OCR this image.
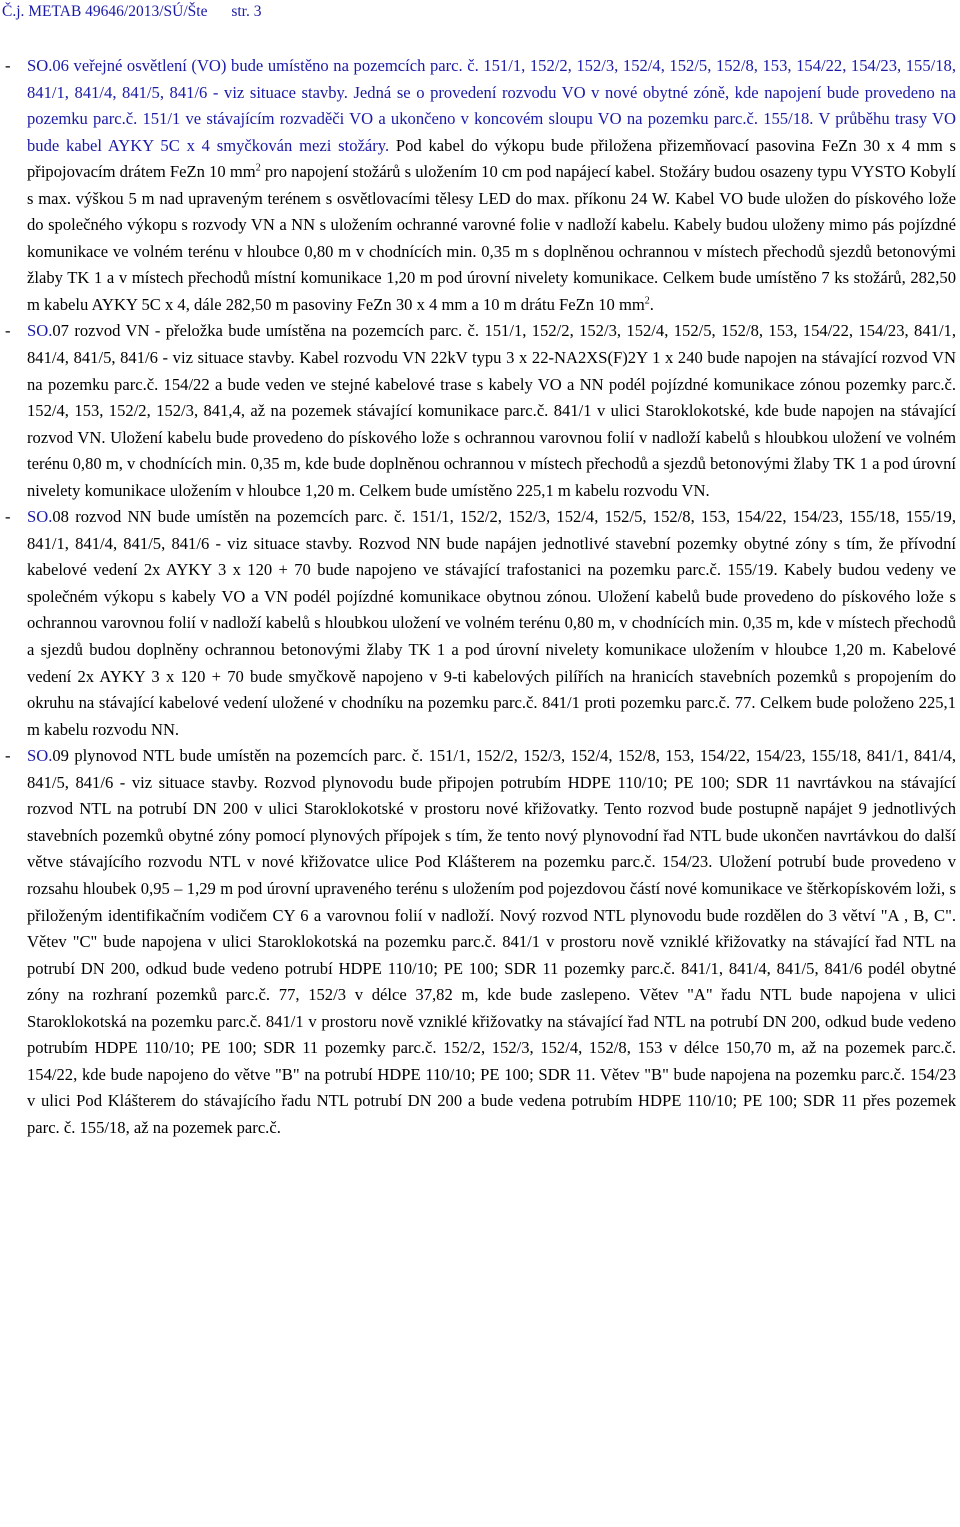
Č.j. METAB 49646/2013/SÚ/Šte str. 3
- SO.06 veřejné osvětlení (VO) bude umístěno na pozemcích parc. č. 151/1, 152/2, 152/3, 152/4, 152/5, 152/8, 153, 154/22, 154/23, 155/18, 841/1, 841/4, 841/5, 841/6 - viz situace stavby. Jedná se o provedení rozvodu VO v nové obytné zóně, kde napojení bude provedeno na pozemku parc.č. 151/1 ve stávajícím rozvaděči VO a ukončeno v koncovém sloupu VO na pozemku parc.č. 155/18. V průběhu trasy VO bude kabel AYKY 5C x 4 smyčkován mezi stožáry. Pod kabel do výkopu bude přiložena přizemňovací pasovina FeZn 30 x 4 mm s připojovacím drátem FeZn 10 $mm^2$ pro napojení stožárů s uložením 10 cm pod napájecí kabel. Stožáry budou osazeny typu VYSTO Kobylí s max. výškou 5 m nad upraveným terénem s osvětlovacími tělesy LED do max. příkonu 24 W. Kabel VO bude uložen do pískového lože do společného výkopu s rozvody VN a NN s uložením ochranné varovné folie v nadloží kabelu. Kabely budou uloženy mimo pás pojízdné komunikace ve volném terénu v hloubce 0,80 m v chodnících min. 0,35 m s doplněnou ochrannou v místech přechodů sjezdů betonovými žlaby TK 1 a v místech přechodů místní komunikace 1,20 m pod úrovní nivelety komunikace. Celkem bude umístěno 7 ks stožárů, 282,50 m kabelu AYKY 5C x 4, dále 282,50 m pasoviny FeZn 30 x 4 mm a 10 m drátu FeZn 10 $mm^2$.

- SO.07 rozvod VN - přeložka bude umístěna na pozemcích parc. č. 151/1, 152/2, 152/3, 152/4, 152/5, 152/8, 153, 154/22, 154/23, 841/1, 841/4, 841/5, 841/6 - viz situace stavby. Kabel rozvodu VN 22kV typu 3 x 22-NA2XS(F)2Y 1 x 240 bude napojen na stávající rozvod VN na pozemku parc.č. 154/22 a bude veden ve stejné kabelové trase s kabely VO a NN podél pojízdné komunikace zónou pozemky parc.č. 152/4, 153, 152/2, 152/3, 841,4, až na pozemek stávající komunikace parc.č. 841/1 v ulici Staroklokotské, kde bude napojen na stávající rozvod VN. Uložení kabelu bude provedeno do pískového lože s ochrannou varovnou folií v nadloží kabelů s hloubkou uložení ve volném terénu 0,80 m, v chodnících min. 0,35 m, kde bude doplněnou ochrannou v místech přechodů a sjezdů betonovými žlaby TK 1 a pod úrovní nivelety komunikace uložením v hloubce 1,20 m. Celkem bude umístěno 225,1 m kabelu rozvodu VN.

- SO.08 rozvod NN bude umístěn na pozemcích parc. č. 151/1, 152/2, 152/3, 152/4, 152/5, 152/8, 153, 154/22, 154/23, 155/18, 155/19, 841/1, 841/4, 841/5, 841/6 - viz situace stavby. Rozvod NN bude napájen jednotlivé stavební pozemky obytné zóny s tím, že přívodní kabelové vedení 2x AYKY 3 x 120 + 70 bude napojeno ve stávající trafostanici na pozemku parc.č. 155/19. Kabely budou vedeny ve společném výkopu s kabely VO a VN podél pojízdné komunikace obytnou zónou. Uložení kabelů bude provedeno do pískového lože s ochrannou varovnou folií v nadloží kabelů s hloubkou uložení ve volném terénu 0,80 m, v chodnících min. 0,35 m, kde v místech přechodů a sjezdů budou doplněny ochrannou betonovými žlaby TK 1 a pod úrovní nivelety komunikace uložením v hloubce 1,20 m. Kabelové vedení 2x AYKY 3 x 120 + 70 bude smyčkově napojeno v 9-ti kabelových pilířích na hranicích stavebních pozemků s propojením do okruhu na stávající kabelové vedení uložené v chodníku na pozemku parc.č. 841/1 proti pozemku parc.č. 77. Celkem bude položeno 225,1 m kabelu rozvodu NN.

- SO.09 plynovod NTL bude umístěn na pozemcích parc. č. 151/1, 152/2, 152/3, 152/4, 152/8, 153, 154/22, 154/23, 155/18, 841/1, 841/4, 841/5, 841/6 - viz situace stavby. Rozvod plynovodu bude připojen potrubím HDPE 110/10; PE 100; SDR 11 navrtávkou na stávající rozvod NTL na potrubí DN 200 v ulici Staroklokotské v prostoru nové křižovatky. Tento rozvod bude postupně napájet 9 jednotlivých stavebních pozemků obytné zóny pomocí plynových přípojek s tím, že tento nový plynovodní řad NTL bude ukončen navrtávkou do další větve stávajícího rozvodu NTL v nové křižovatce ulice Pod Klášterem na pozemku parc.č. 154/23. Uložení potrubí bude provedeno v rozsahu hloubek 0,95 – 1,29 m pod úrovní upraveného terénu s uložením pod pojezdovou částí nové komunikace ve štěrkopískovém loži, s přiloženým identifikačním vodičem CY 6 a varovnou folií v nadloží. Nový rozvod NTL plynovodu bude rozdělen do 3 větví "A , B, C". Větev "C" bude napojena v ulici Staroklokotská na pozemku parc.č. 841/1 v prostoru nově vzniklé křižovatky na stávající řad NTL na potrubí DN 200, odkud bude vedeno potrubí HDPE 110/10; PE 100; SDR 11 pozemky parc.č. 841/1, 841/4, 841/5, 841/6 podél obytné zóny na rozhraní pozemků parc.č. 77, 152/3 v délce 37,82 m, kde bude zaslepeno. Větev "A" řadu NTL bude napojena v ulici Staroklokotská na pozemku parc.č. 841/1 v prostoru nově vzniklé křižovatky na stávající řad NTL na potrubí DN 200, odkud bude vedeno potrubím HDPE 110/10; PE 100; SDR 11 pozemky parc.č. 152/2, 152/3, 152/4, 152/8, 153 v délce 150,70 m, až na pozemek parc.č. 154/22, kde bude napojeno do větve "B" na potrubí HDPE 110/10; PE 100; SDR 11. Větev "B" bude napojena na pozemku parc.č. 154/23 v ulici Pod Klášterem do stávajícího řadu NTL potrubí DN 200 a bude vedena potrubím HDPE 110/10; PE 100; SDR 11 přes pozemek parc. č. 155/18, až na pozemek parc.č.
